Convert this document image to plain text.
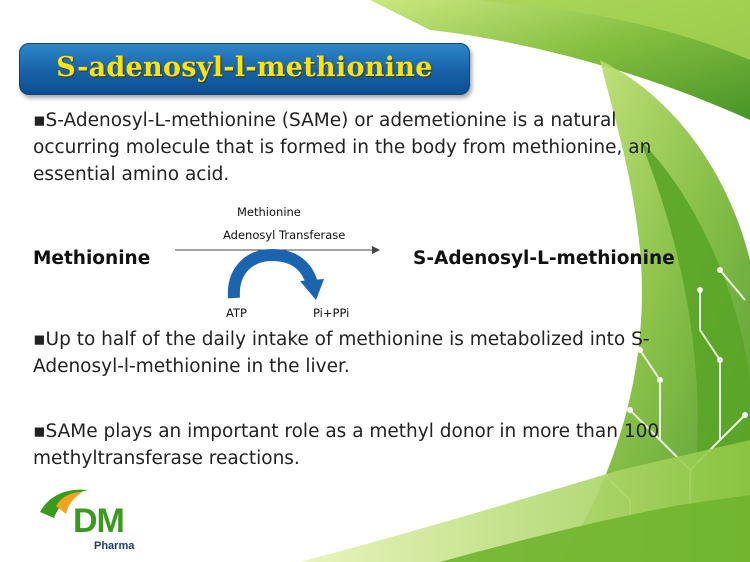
S-adenosyl-l-methionine
▪S-Adenosyl-L-methionine (SAMe) or ademetionine is a natural occurring molecule that is formed in the body from methionine, an essential amino acid.
Methionine
Adenosyl Transferase
Methionine	S-Adenosyl-L-methionine
ATP	Pi+PPi
▪Up to half of the daily intake of methionine is metabolized into S-Adenosyl-l-methionine in the liver.
▪SAMe plays an important role as a methyl donor in more than 100 methyltransferase reactions.
DM
Pharma
